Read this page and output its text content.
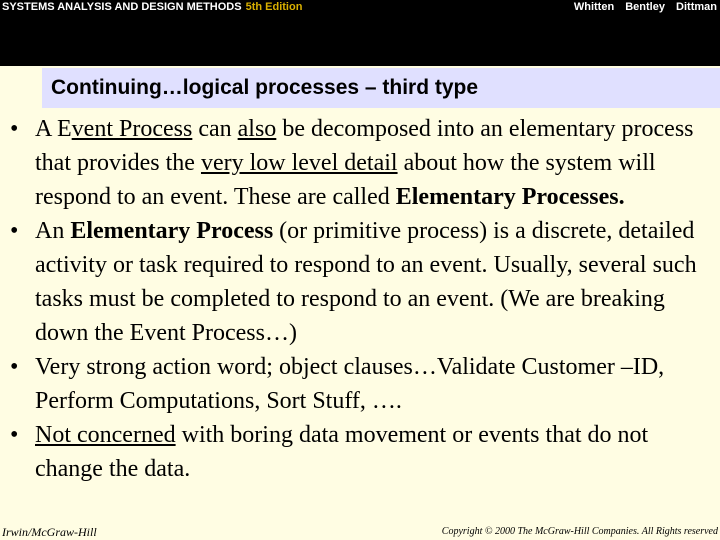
SYSTEMS ANALYSIS AND DESIGN METHODS 5th Edition	Whitten Bentley Dittman
Continuing…logical processes – third type
• A Event Process can also be decomposed into an elementary process that provides the very low level detail about how the system will respond to an event. These are called Elementary Processes.
• An Elementary Process (or primitive process) is a discrete, detailed activity or task required to respond to an event. Usually, several such tasks must be completed to respond to an event. (We are breaking down the Event Process…)
• Very strong action word; object clauses…Validate Customer –ID, Perform Computations, Sort Stuff, ….
• Not concerned with boring data movement or events that do not change the data.
Irwin/McGraw-Hill	Copyright © 2000 The McGraw-Hill Companies. All Rights reserved
